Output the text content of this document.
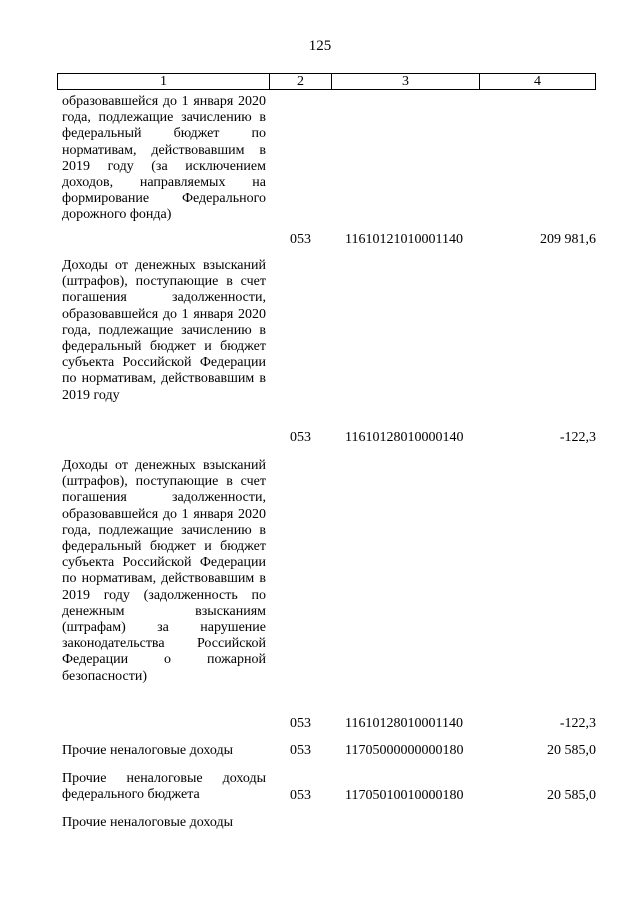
125
1	2	3	4
образовавшейся до 1 января 2020 года, подлежащие зачислению в федеральный бюджет по нормативам, действовавшим в 2019 году (за исключением доходов, направляемых на формирование Федерального дорожного фонда)
053	11610121010001140	209 981,6
Доходы от денежных взысканий (штрафов), поступающие в счет погашения задолженности, образовавшейся до 1 января 2020 года, подлежащие зачислению в федеральный бюджет и бюджет субъекта Российской Федерации по нормативам, действовавшим в 2019 году
053	11610128010000140	-122,3
Доходы от денежных взысканий (штрафов), поступающие в счет погашения задолженности, образовавшейся до 1 января 2020 года, подлежащие зачислению в федеральный бюджет и бюджет субъекта Российской Федерации по нормативам, действовавшим в 2019 году (задолженность по денежным взысканиям (штрафам) за нарушение законодательства Российской Федерации о пожарной безопасности)
053	11610128010001140	-122,3
Прочие неналоговые доходы	053	11705000000000180	20 585,0
Прочие неналоговые доходы федерального бюджета	053	11705010010000180	20 585,0
Прочие неналоговые доходы
